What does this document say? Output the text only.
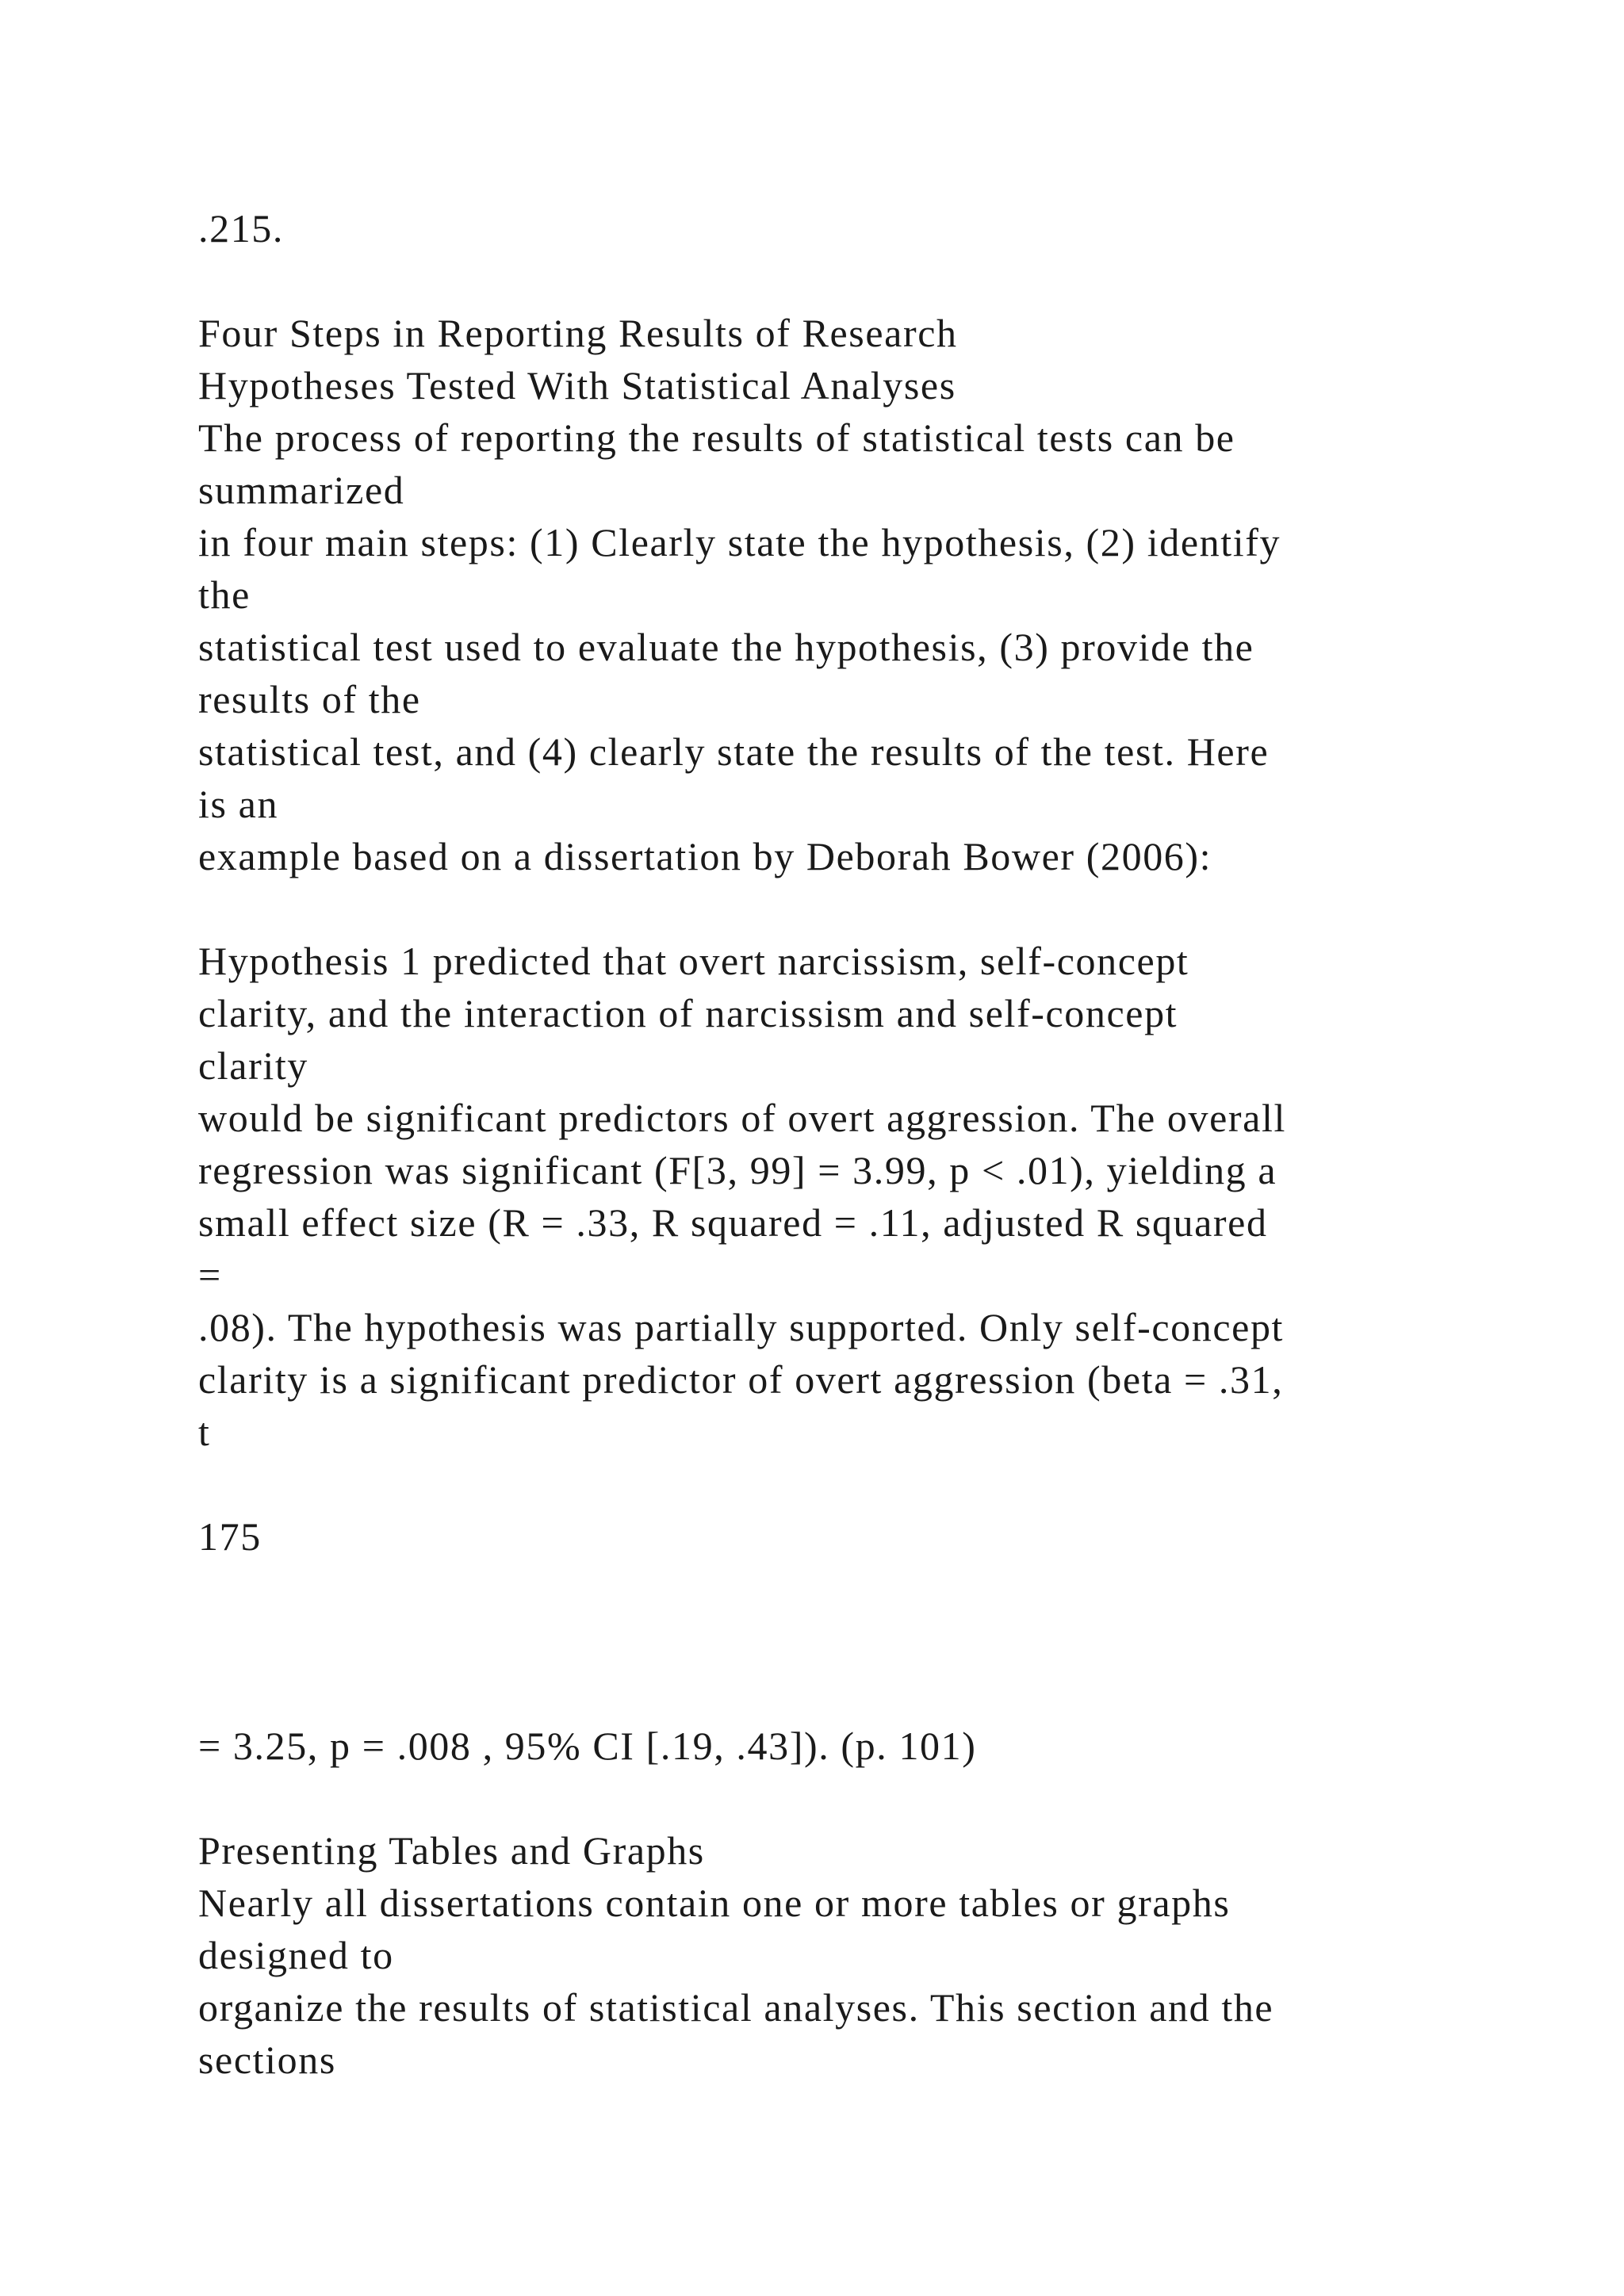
.215.

Four Steps in Reporting Results of Research

Hypotheses Tested With Statistical Analyses

The process of reporting the results of statistical tests can be

summarized

in four main steps: (1) Clearly state the hypothesis, (2) identify

the

statistical test used to evaluate the hypothesis, (3) provide the

results of the

statistical test, and (4) clearly state the results of the test. Here

is an

example based on a dissertation by Deborah Bower (2006):

Hypothesis 1 predicted that overt narcissism, self-concept

clarity, and the interaction of narcissism and self-concept

clarity

would be significant predictors of overt aggression. The overall

regression was significant (F[3, 99] = 3.99, p < .01), yielding a

small effect size (R = .33, R squared = .11, adjusted R squared

=

.08). The hypothesis was partially supported. Only self-concept

clarity is a significant predictor of overt aggression (beta = .31,

t

175

= 3.25, p = .008 , 95% CI [.19, .43]). (p. 101)

Presenting Tables and Graphs

Nearly all dissertations contain one or more tables or graphs

designed to

organize the results of statistical analyses. This section and the

sections
